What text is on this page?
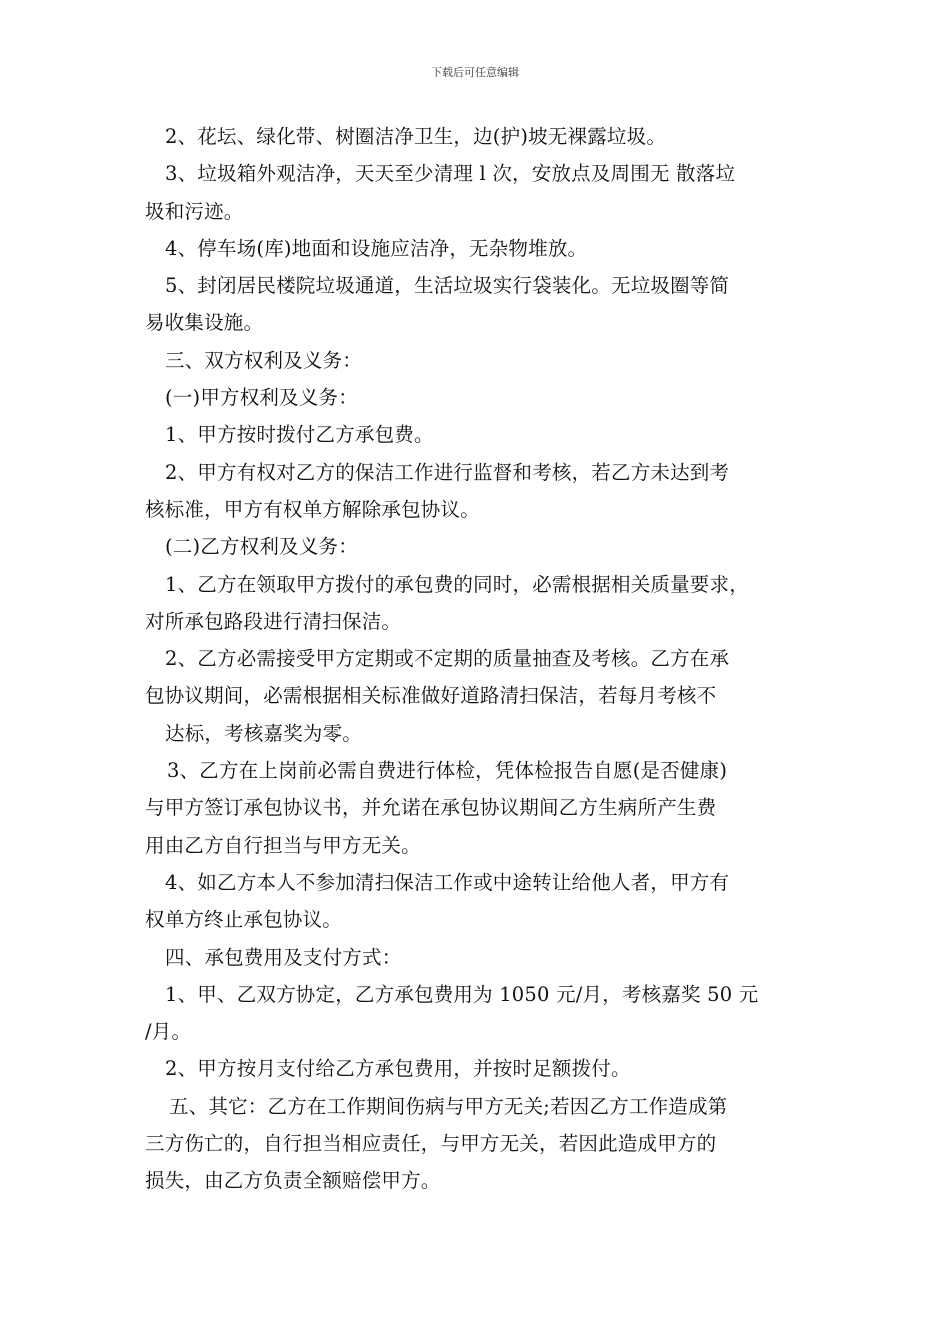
下载后可任意编辑
2、花坛、绿化带、树圈洁净卫生，边(护)坡无裸露垃圾。
3、垃圾箱外观洁净，天天至少清理 l 次，安放点及周围无 散落垃
圾和污迹。
4、停车场(库)地面和设施应洁净，无杂物堆放。
5、封闭居民楼院垃圾通道，生活垃圾实行袋装化。无垃圾圈等简
易收集设施。
三、双方权利及义务：
(一)甲方权利及义务：
1、甲方按时拨付乙方承包费。
2、甲方有权对乙方的保洁工作进行监督和考核，若乙方未达到考
核标准，甲方有权单方解除承包协议。
(二)乙方权利及义务：
1、乙方在领取甲方拨付的承包费的同时，必需根据相关质量要求，
对所承包路段进行清扫保洁。
2、乙方必需接受甲方定期或不定期的质量抽查及考核。乙方在承
包协议期间，必需根据相关标准做好道路清扫保洁，若每月考核不
达标，考核嘉奖为零。
3、乙方在上岗前必需自费进行体检，凭体检报告自愿(是否健康)
与甲方签订承包协议书，并允诺在承包协议期间乙方生病所产生费
用由乙方自行担当与甲方无关。
4、如乙方本人不参加清扫保洁工作或中途转让给他人者，甲方有
权单方终止承包协议。
四、承包费用及支付方式：
1、甲、乙双方协定，乙方承包费用为 1050 元/月，考核嘉奖 50 元
/月。
2、甲方按月支付给乙方承包费用，并按时足额拨付。
五、其它：乙方在工作期间伤病与甲方无关;若因乙方工作造成第
三方伤亡的，自行担当相应责任，与甲方无关，若因此造成甲方的
损失，由乙方负责全额赔偿甲方。
